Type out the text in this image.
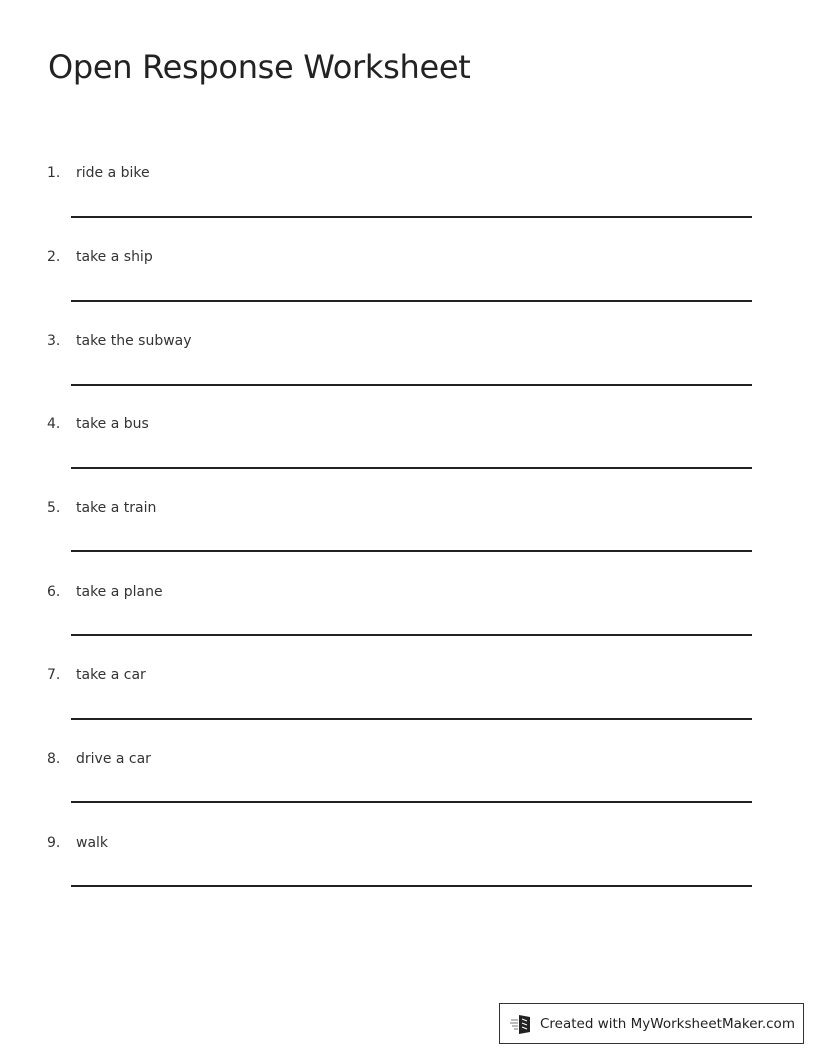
Open Response Worksheet
1. ride a bike
2. take a ship
3. take the subway
4. take a bus
5. take a train
6. take a plane
7. take a car
8. drive a car
9. walk
Created with MyWorksheetMaker.com
